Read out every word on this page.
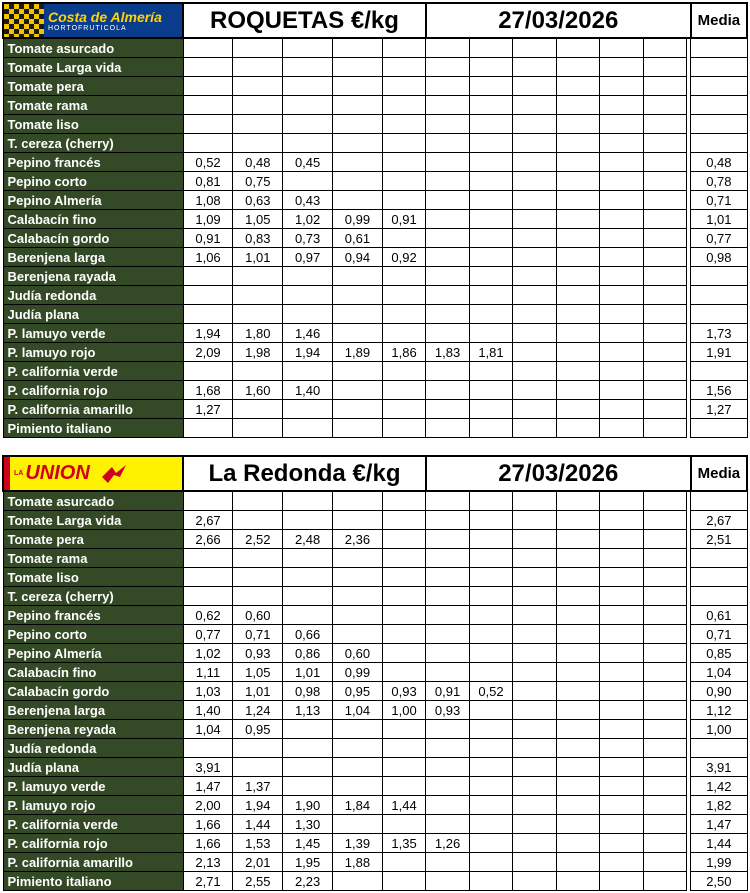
Costa de Almería
HORTOFRUTICOLA	ROQUETAS €/kg					27/03/2026							Media
Tomate asurcado													
Tomate Larga vida													
Tomate pera													
Tomate rama													
Tomate liso													
T. cereza (cherry)													
Pepino francés	0,52	0,48	0,45										0,48
Pepino corto	0,81	0,75											0,78
Pepino Almería	1,08	0,63	0,43										0,71
Calabacín fino	1,09	1,05	1,02	0,99	0,91								1,01
Calabacín gordo	0,91	0,83	0,73	0,61									0,77
Berenjena larga	1,06	1,01	0,97	0,94	0,92								0,98
Berenjena rayada													
Judía redonda													
Judía plana													
P. lamuyo verde	1,94	1,80	1,46										1,73
P. lamuyo rojo	2,09	1,98	1,94	1,89	1,86	1,83	1,81						1,91
P. california verde													
P. california rojo	1,68	1,60	1,40										1,56
P. california amarillo	1,27												1,27
Pimiento italiano													
LA UNION	La Redonda €/kg					27/03/2026							Media
Tomate asurcado													
Tomate Larga vida	2,67												2,67
Tomate pera	2,66	2,52	2,48	2,36									2,51
Tomate rama													
Tomate liso													
T. cereza (cherry)													
Pepino francés	0,62	0,60											0,61
Pepino corto	0,77	0,71	0,66										0,71
Pepino Almería	1,02	0,93	0,86	0,60									0,85
Calabacín fino	1,11	1,05	1,01	0,99									1,04
Calabacín gordo	1,03	1,01	0,98	0,95	0,93	0,91	0,52						0,90
Berenjena larga	1,40	1,24	1,13	1,04	1,00	0,93							1,12
Berenjena reyada	1,04	0,95											1,00
Judía redonda													
Judía plana	3,91												3,91
P. lamuyo verde	1,47	1,37											1,42
P. lamuyo rojo	2,00	1,94	1,90	1,84	1,44								1,82
P. california verde	1,66	1,44	1,30										1,47
P. california rojo	1,66	1,53	1,45	1,39	1,35	1,26							1,44
P. california amarillo	2,13	2,01	1,95	1,88									1,99
Pimiento italiano	2,71	2,55	2,23										2,50
